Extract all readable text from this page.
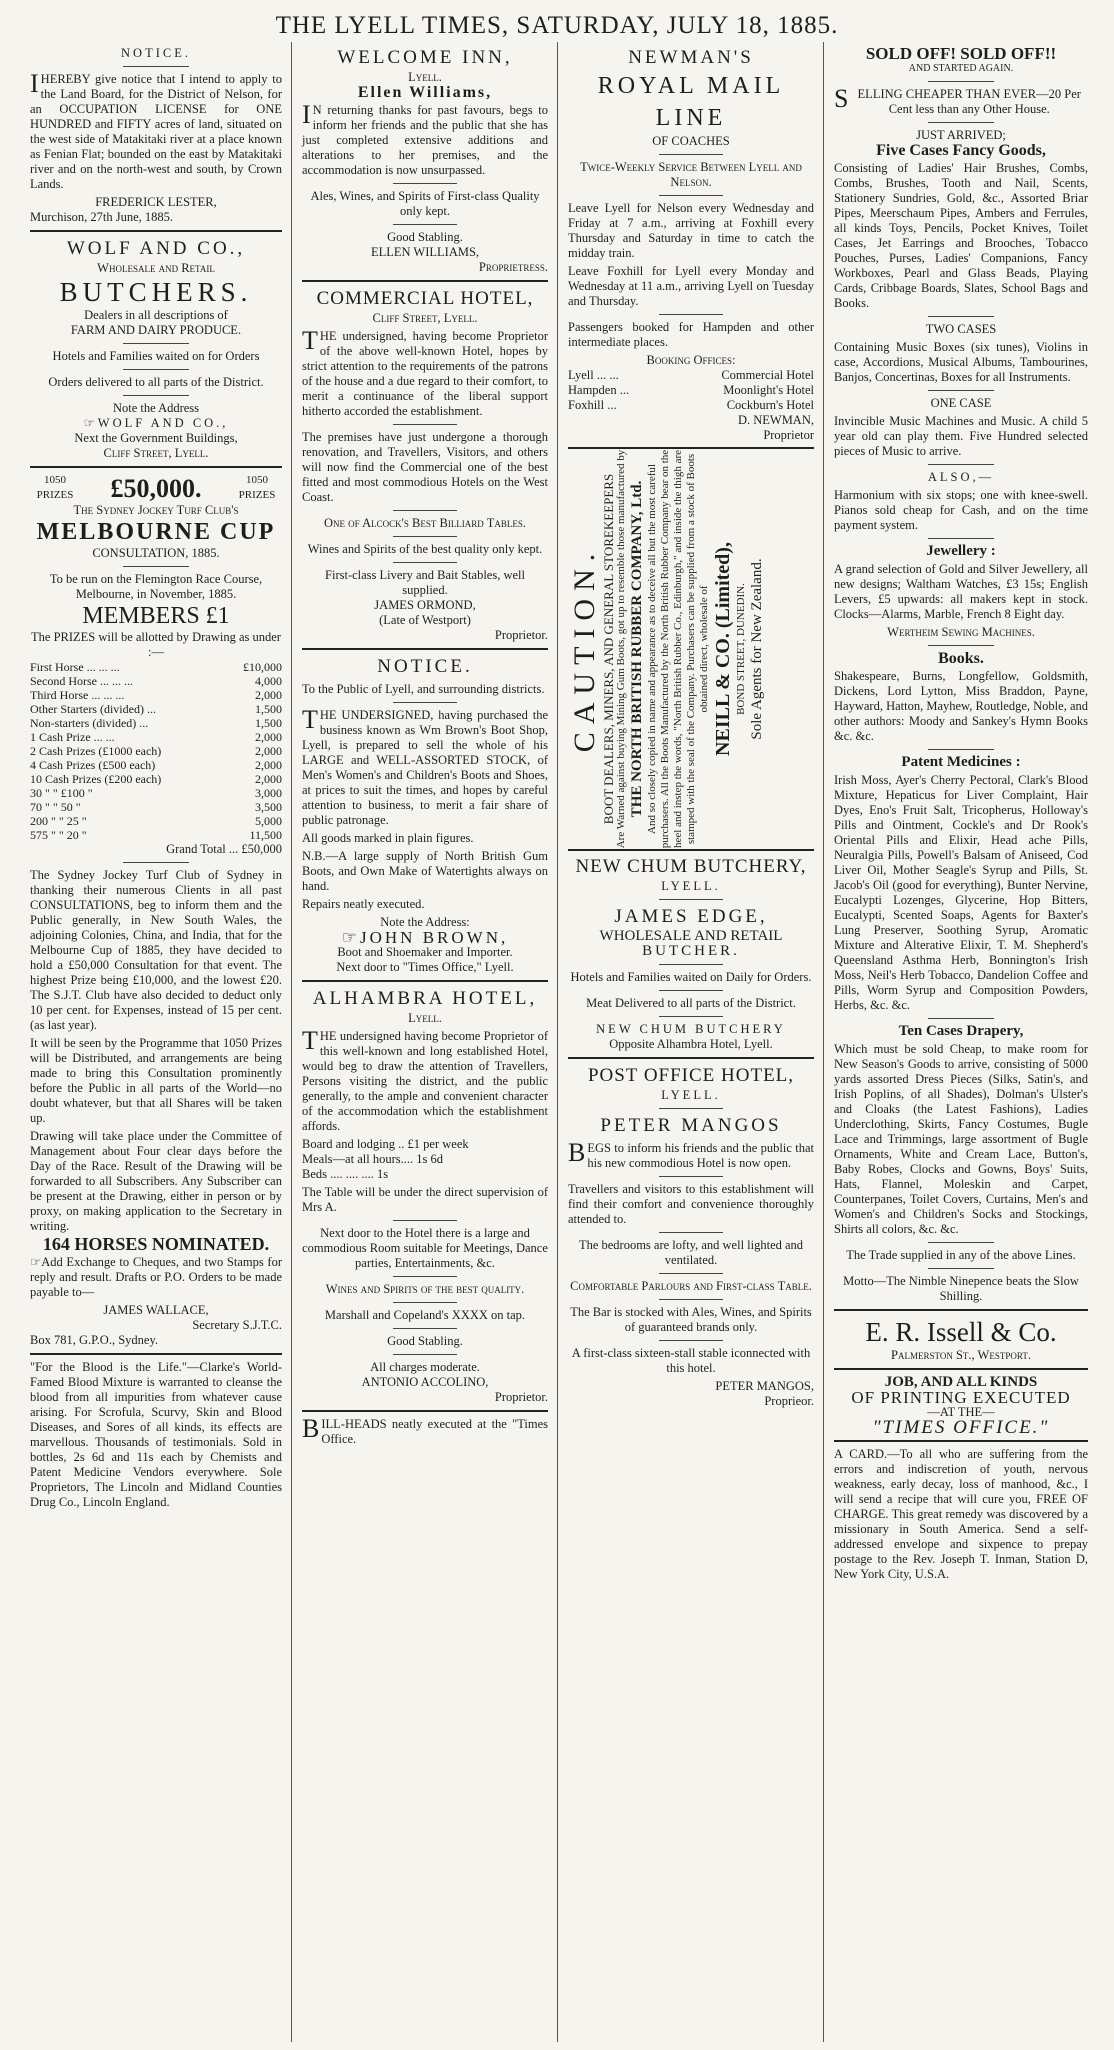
THE LYELL TIMES, SATURDAY, JULY 18, 1885.
NOTICE.

IHEREBY give notice that I intend to apply to the Land Board, for the District of Nelson, for an OCCUPATION LICENSE for ONE HUNDRED and FIFTY acres of land, situated on the west side of Matakitaki river at a place known as Fenian Flat; bounded on the east by Matakitaki river and on the north-west and south, by Crown Lands.

FREDERICK LESTER,
Murchison, 27th June, 1885.
WOLF AND CO.,
Wholesale and Retail
BUTCHERS.
Dealers in all descriptions of
FARM AND DAIRY PRODUCE.
Hotels and Families waited on for Orders
Orders delivered to all parts of the District.
Note the Address
☞WOLF AND CO.,
Next the Government Buildings,
Cliff Street, Lyell.
1050 PRIZES £50,000.	1050 PRIZES
The Sydney Jockey Turf Club's
MELBOURNE CUP
CONSULTATION, 1885.
To be run on the Flemington Race Course, Melbourne, in November, 1885.
MEMBERS £1
The PRIZES will be allotted by Drawing as under :—
First Horse ... ... ...	£10,000
Second Horse ... ... ...	4,000
Third Horse ... ... ...	2,000
Other Starters (divided) ...	1,500
Non-starters (divided) ...	1,500
1 Cash Prize ... ...	2,000
2 Cash Prizes (£1000 each)	2,000
4 Cash Prizes (£500 each)	2,000
10 Cash Prizes (£200 each)	2,000
30 " " £100 "	3,000
70 " " 50 "	3,500
200 " " 25 "	5,000
575 " " 20 "	11,500
Grand Total ... £50,000

The Sydney Jockey Turf Club of Sydney in thanking their numerous Clients in all past CONSULTATIONS, beg to inform them and the Public generally, in New South Wales, the adjoining Colonies, China, and India, that for the Melbourne Cup of 1885, they have decided to hold a £50,000 Consultation for that event. The highest Prize being £10,000, and the lowest £20. The S.J.T. Club have also decided to deduct only 10 per cent. for Expenses, instead of 15 per cent. (as last year).

It will be seen by the Programme that 1050 Prizes will be Distributed, and arrangements are being made to bring this Consultation prominently before the Public in all parts of the World—no doubt whatever, but that all Shares will be taken up.

Drawing will take place under the Committee of Management about Four clear days before the Day of the Race. Result of the Drawing will be forwarded to all Subscribers. Any Subscriber can be present at the Drawing, either in person or by proxy, on making application to the Secretary in writing.

164 HORSES NOMINATED.

☞Add Exchange to Cheques, and two Stamps for reply and result. Drafts or P.O. Orders to be made payable to—

JAMES WALLACE,
Secretary S.J.T.C.
Box 781, G.P.O., Sydney.

"For the Blood is the Life."—Clarke's World-Famed Blood Mixture is warranted to cleanse the blood from all impurities from whatever cause arising. For Scrofula, Scurvy, Skin and Blood Diseases, and Sores of all kinds, its effects are marvellous. Thousands of testimonials. Sold in bottles, 2s 6d and 11s each by Chemists and Patent Medicine Vendors everywhere. Sole Proprietors, The Lincoln and Midland Counties Drug Co., Lincoln England.

WELCOME INN,
Lyell.
Ellen Williams,

IN returning thanks for past favours, begs to inform her friends and the public that she has just completed extensive additions and alterations to her premises, and the accommodation is now unsurpassed.

Ales, Wines, and Spirits of First-class Quality only kept.
Good Stabling.
ELLEN WILLIAMS,
Proprietress.
COMMERCIAL HOTEL,
Cliff Street, Lyell.

THE undersigned, having become Proprietor of the above well-known Hotel, hopes by strict attention to the requirements of the patrons of the house and a due regard to their comfort, to merit a continuance of the liberal support hitherto accorded the establishment.

The premises have just undergone a thorough renovation, and Travellers, Visitors, and others will now find the Commercial one of the best fitted and most commodious Hotels on the West Coast.

One of Alcock's Best Billiard Tables.
Wines and Spirits of the best quality only kept.
First-class Livery and Bait Stables, well supplied.
JAMES ORMOND,
(Late of Westport)
Proprietor.
NOTICE.

To the Public of Lyell, and surrounding districts.

THE UNDERSIGNED, having purchased the business known as Wm Brown's Boot Shop, Lyell, is prepared to sell the whole of his LARGE and WELL-ASSORTED STOCK, of Men's Women's and Children's Boots and Shoes, at prices to suit the times, and hopes by careful attention to business, to merit a fair share of public patronage.

All goods marked in plain figures.

N.B.—A large supply of North British Gum Boots, and Own Make of Watertights always on hand.

Repairs neatly executed.

Note the Address:
☞JOHN BROWN,
Boot and Shoemaker and Importer.
Next door to "Times Office," Lyell.
ALHAMBRA HOTEL,
Lyell.

THE undersigned having become Proprietor of this well-known and long established Hotel, would beg to draw the attention of Travellers, Persons visiting the district, and the public generally, to the ample and convenient character of the accommodation which the establishment affords.

Board and lodging .. £1 per week
Meals—at all hours.... 1s 6d
Beds .... .... .... 1s

The Table will be under the direct supervision of Mrs A.

Next door to the Hotel there is a large and commodious Room suitable for Meetings, Dance parties, Entertainments, &c.

Wines and Spirits of the best quality.
Marshall and Copeland's XXXX on tap.
Good Stabling.
All charges moderate.
ANTONIO ACCOLINO,
Proprietor.

BILL-HEADS neatly executed at the "Times Office.

NEWMAN'S
ROYAL MAIL LINE
OF COACHES
Twice-Weekly Service Between Lyell and Nelson.

Leave Lyell for Nelson every Wednesday and Friday at 7 a.m., arriving at Foxhill every Thursday and Saturday in time to catch the midday train.

Leave Foxhill for Lyell every Monday and Wednesday at 11 a.m., arriving Lyell on Tuesday and Thursday.

Passengers booked for Hampden and other intermediate places.

Booking Offices:
Lyell ... ...	Commercial Hotel
Hampden ...	Moonlight's Hotel
Foxhill ...	Cockburn's Hotel
D. NEWMAN,
Proprietor
CAUTION. BOOT DEALERS, MINERS, AND GENERAL STOREKEEPERS Are Warned against buying Mining Gum Boots, got up to resemble those manufactured by THE NORTH BRITISH RUBBER COMPANY, Ltd. And so closely copied in name and appearance as to deceive all but the most careful purchasers. All the Boots Manufactured by the North British Rubber Company bear on the heel and instep the words, "North British Rubber Co., Edinburgh," and inside the thigh are stamped with the seal of the Company. Purchasers can be supplied from a stock of Boots obtained direct, wholesale of NEILL & CO. (Limited), BOND STREET, DUNEDIN. Sole Agents for New Zealand.
NEW CHUM BUTCHERY,
LYELL.
JAMES EDGE,
WHOLESALE AND RETAIL
BUTCHER.
Hotels and Families waited on Daily for Orders.
Meat Delivered to all parts of the District.
NEW CHUM BUTCHERY
Opposite Alhambra Hotel, Lyell.
POST OFFICE HOTEL,
LYELL.
PETER MANGOS

BEGS to inform his friends and the public that his new commodious Hotel is now open.

Travellers and visitors to this establishment will find their comfort and convenience thoroughly attended to.

The bedrooms are lofty, and well lighted and ventilated.

Comfortable Parlours and First-class Table.

The Bar is stocked with Ales, Wines, and Spirits of guaranteed brands only.

A first-class sixteen-stall stable iconnected with this hotel.

PETER MANGOS,
Proprieor.
SOLD OFF! SOLD OFF!!
AND STARTED AGAIN.

SELLING CHEAPER THAN EVER—20 Per Cent less than any Other House.

JUST ARRIVED;
Five Cases Fancy Goods,

Consisting of Ladies' Hair Brushes, Combs, Combs, Brushes, Tooth and Nail, Scents, Stationery Sundries, Gold, &c., Assorted Briar Pipes, Meerschaum Pipes, Ambers and Ferrules, all kinds Toys, Pencils, Pocket Knives, Toilet Cases, Jet Earrings and Brooches, Tobacco Pouches, Purses, Ladies' Companions, Fancy Workboxes, Pearl and Glass Beads, Playing Cards, Cribbage Boards, Slates, School Bags and Books.

TWO CASES

Containing Music Boxes (six tunes), Violins in case, Accordions, Musical Albums, Tambourines, Banjos, Concertinas, Boxes for all Instruments.

ONE CASE

Invincible Music Machines and Music. A child 5 year old can play them. Five Hundred selected pieces of Music to arrive.

ALSO,—

Harmonium with six stops; one with knee-swell. Pianos sold cheap for Cash, and on the time payment system.

Jewellery :

A grand selection of Gold and Silver Jewellery, all new designs; Waltham Watches, £3 15s; English Levers, £5 upwards: all makers kept in stock. Clocks—Alarms, Marble, French 8 Eight day.

Wertheim Sewing Machines.
Books.

Shakespeare, Burns, Longfellow, Goldsmith, Dickens, Lord Lytton, Miss Braddon, Payne, Hayward, Hatton, Mayhew, Routledge, Noble, and other authors: Moody and Sankey's Hymn Books &c. &c.

Patent Medicines :

Irish Moss, Ayer's Cherry Pectoral, Clark's Blood Mixture, Hepaticus for Liver Complaint, Hair Dyes, Eno's Fruit Salt, Tricopherus, Holloway's Pills and Ointment, Cockle's and Dr Rook's Oriental Pills and Elixir, Head ache Pills, Neuralgia Pills, Powell's Balsam of Aniseed, Cod Liver Oil, Mother Seagle's Syrup and Pills, St. Jacob's Oil (good for everything), Bunter Nervine, Eucalypti Lozenges, Glycerine, Hop Bitters, Eucalypti, Scented Soaps, Agents for Baxter's Lung Preserver, Soothing Syrup, Aromatic Mixture and Alterative Elixir, T. M. Shepherd's Queensland Asthma Herb, Bonnington's Irish Moss, Neil's Herb Tobacco, Dandelion Coffee and Pills, Worm Syrup and Composition Powders, Herbs, &c. &c.

Ten Cases Drapery,

Which must be sold Cheap, to make room for New Season's Goods to arrive, consisting of 5000 yards assorted Dress Pieces (Silks, Satin's, and Irish Poplins, of all Shades), Dolman's Ulster's and Cloaks (the Latest Fashions), Ladies Underclothing, Skirts, Fancy Costumes, Bugle Lace and Trimmings, large assortment of Bugle Ornaments, White and Cream Lace, Button's, Baby Robes, Clocks and Gowns, Boys' Suits, Hats, Flannel, Moleskin and Carpet, Counterpanes, Toilet Covers, Curtains, Men's and Women's and Children's Socks and Stockings, Shirts all colors, &c. &c.

The Trade supplied in any of the above Lines.

Motto—The Nimble Ninepence beats the Slow Shilling.

E. R. Issell & Co.
Palmerston St., Westport.
JOB, AND ALL KINDS
OF PRINTING EXECUTED
—AT THE—
"TIMES OFFICE."

A CARD.—To all who are suffering from the errors and indiscretion of youth, nervous weakness, early decay, loss of manhood, &c., I will send a recipe that will cure you, FREE OF CHARGE. This great remedy was discovered by a missionary in South America. Send a self-addressed envelope and sixpence to prepay postage to the Rev. Joseph T. Inman, Station D, New York City, U.S.A.
